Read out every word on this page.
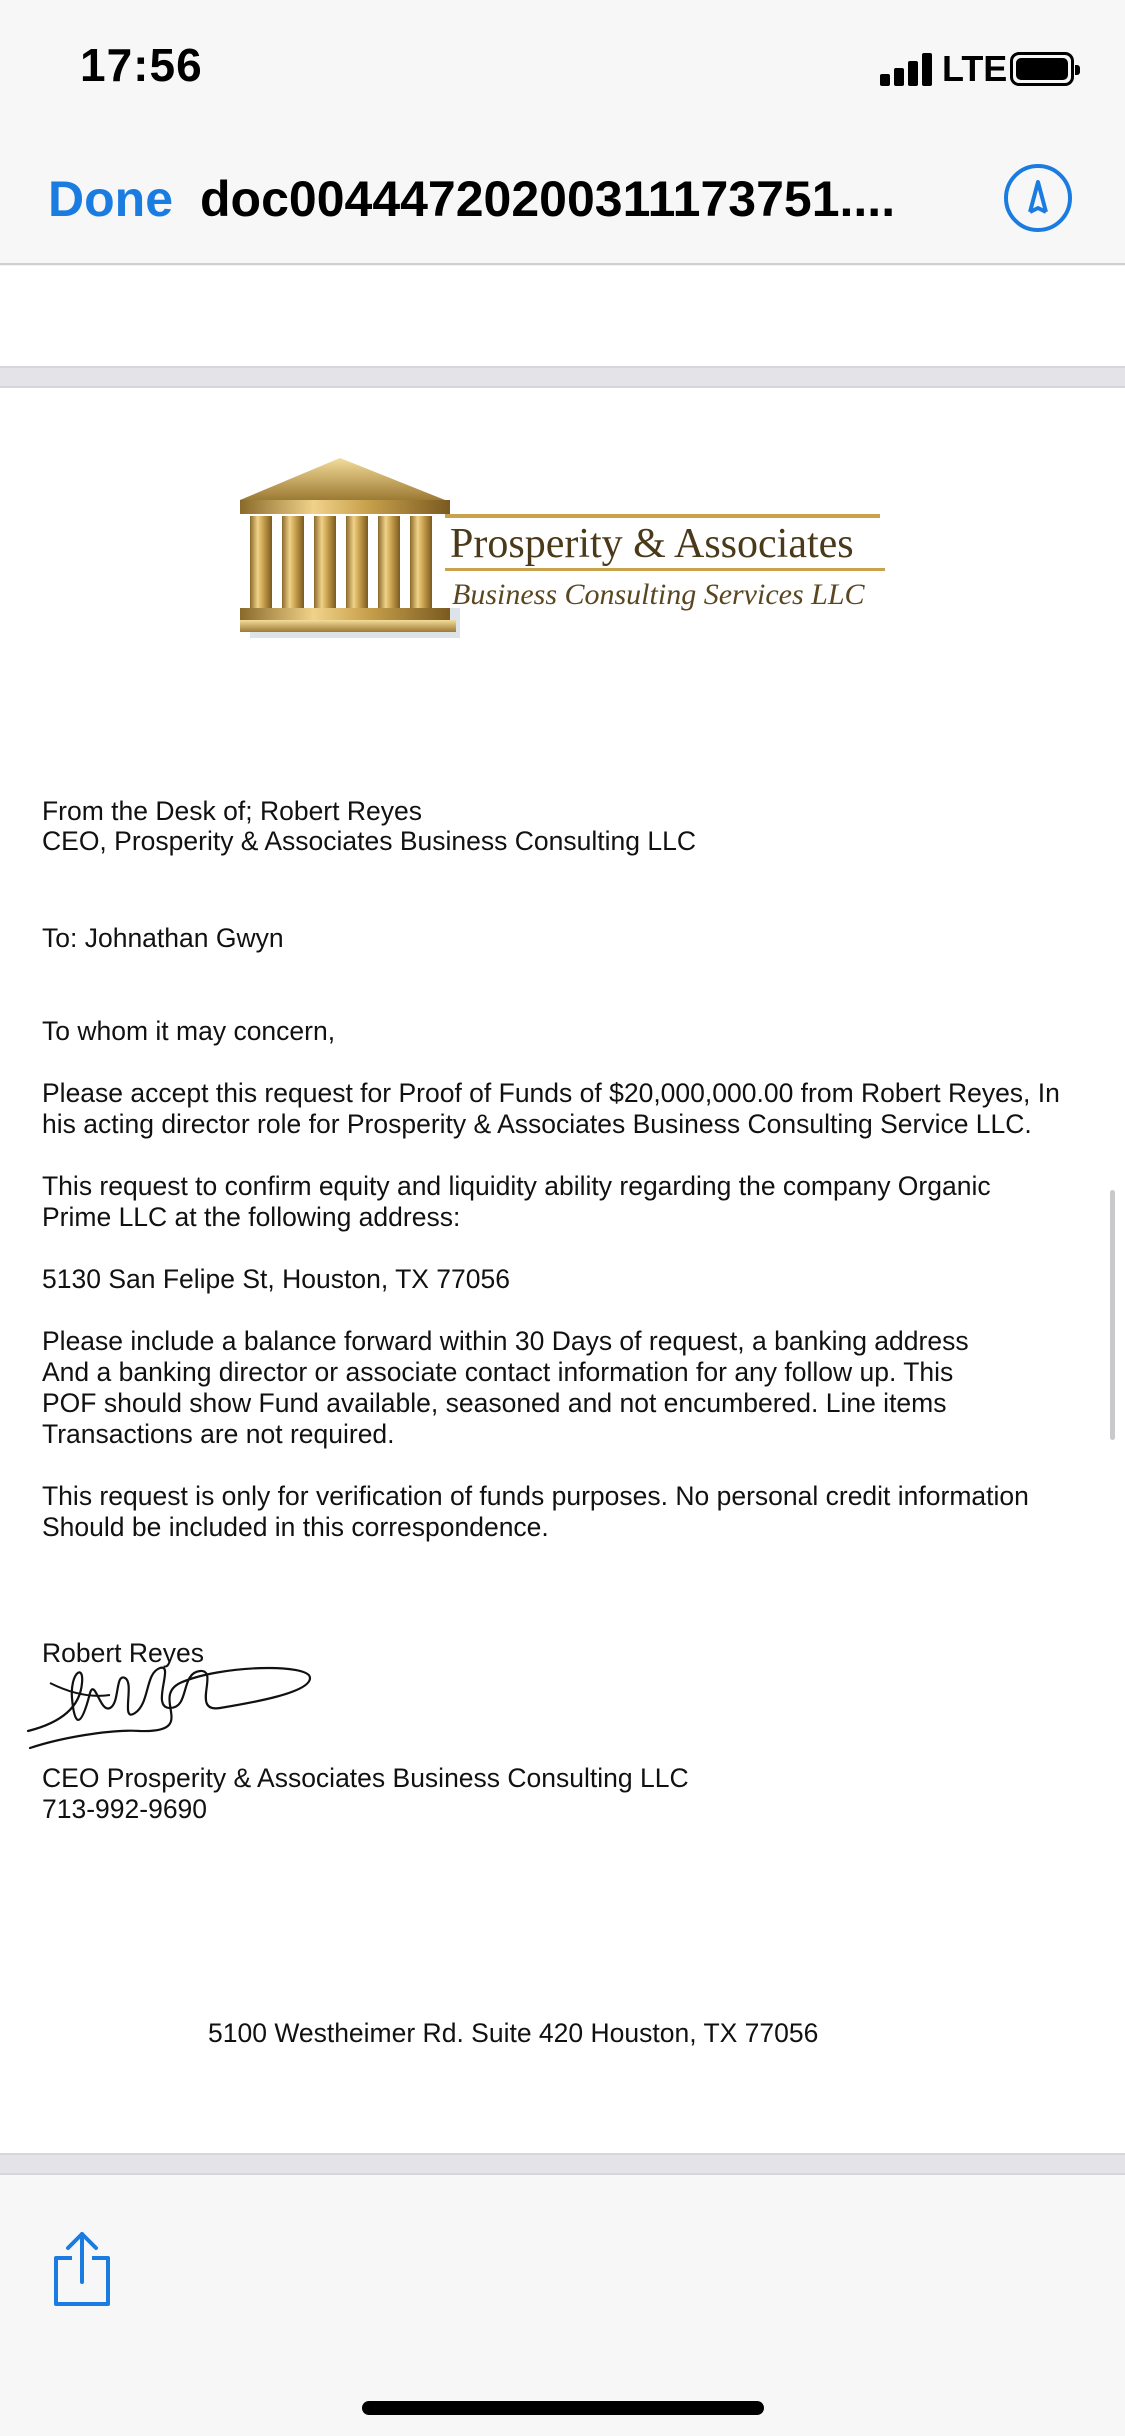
17:56	LTE
Done doc00444720200311173751....
Prosperity & Associates
Business Consulting Services LLC
From the Desk of; Robert Reyes
CEO, Prosperity & Associates Business Consulting LLC
To: Johnathan Gwyn
To whom it may concern,
Please accept this request for Proof of Funds of $20,000,000.00 from Robert Reyes, In
his acting director role for Prosperity & Associates Business Consulting Service LLC.
This request to confirm equity and liquidity ability regarding the company Organic
Prime LLC at the following address:
5130 San Felipe St, Houston, TX 77056
Please include a balance forward within 30 Days of request, a banking address
And a banking director or associate contact information for any follow up. This
POF should show Fund available, seasoned and not encumbered. Line items
Transactions are not required.
This request is only for verification of funds purposes. No personal credit information
Should be included in this correspondence.
Robert Reyes
CEO Prosperity & Associates Business Consulting LLC
713-992-9690
5100 Westheimer Rd. Suite 420 Houston, TX 77056
